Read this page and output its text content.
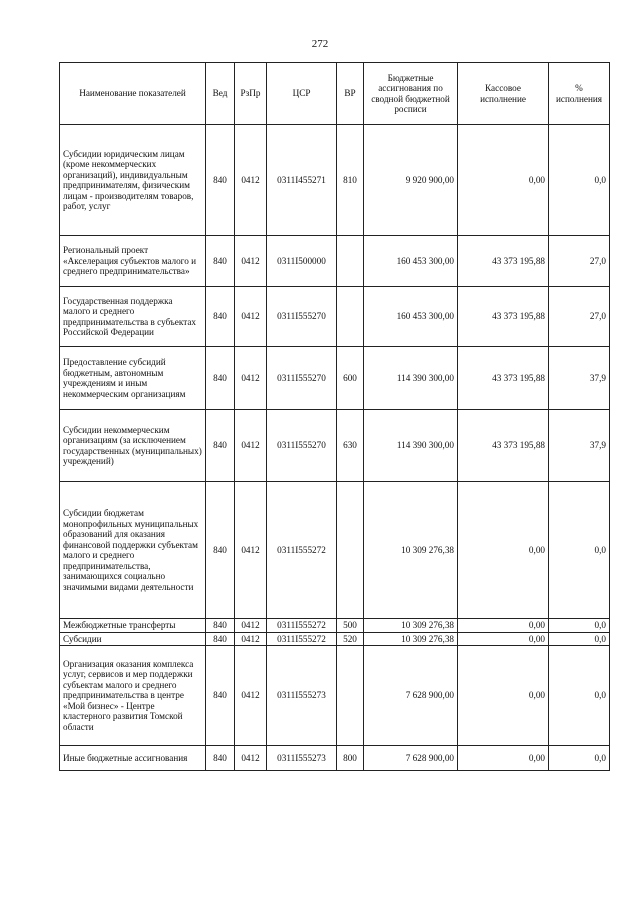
272
Наименование показателей	Вед	РзПр	ЦСР	ВР	Бюджетные ассигнования по сводной бюджетной росписи	Кассовое исполнение	% исполнения
Субсидии юридическим лицам (кроме некоммерческих организаций), индивидуальным предпринимателям, физическим лицам - производителям товаров, работ, услуг	840	0412	0311I455271	810	9 920 900,00	0,00	0,0
Региональный проект «Акселерация субъектов малого и среднего предпринимательства»	840	0412	0311I500000		160 453 300,00	43 373 195,88	27,0
Государственная поддержка малого и среднего предпринимательства в субъектах Российской Федерации	840	0412	0311I555270		160 453 300,00	43 373 195,88	27,0
Предоставление субсидий бюджетным, автономным учреждениям и иным некоммерческим организациям	840	0412	0311I555270	600	114 390 300,00	43 373 195,88	37,9
Субсидии некоммерческим организациям (за исключением государственных (муниципальных) учреждений)	840	0412	0311I555270	630	114 390 300,00	43 373 195,88	37,9
Субсидии бюджетам монопрофильных муниципальных образований для оказания финансовой поддержки субъектам малого и среднего предпринимательства, занимающихся социально значимыми видами деятельности	840	0412	0311I555272		10 309 276,38	0,00	0,0
Межбюджетные трансферты	840	0412	0311I555272	500	10 309 276,38	0,00	0,0
Субсидии	840	0412	0311I555272	520	10 309 276,38	0,00	0,0
Организация оказания комплекса услуг, сервисов и мер поддержки субъектам малого и среднего предпринимательства в центре «Мой бизнес» - Центре кластерного развития Томской области	840	0412	0311I555273		7 628 900,00	0,00	0,0
Иные бюджетные ассигнования	840	0412	0311I555273	800	7 628 900,00	0,00	0,0
